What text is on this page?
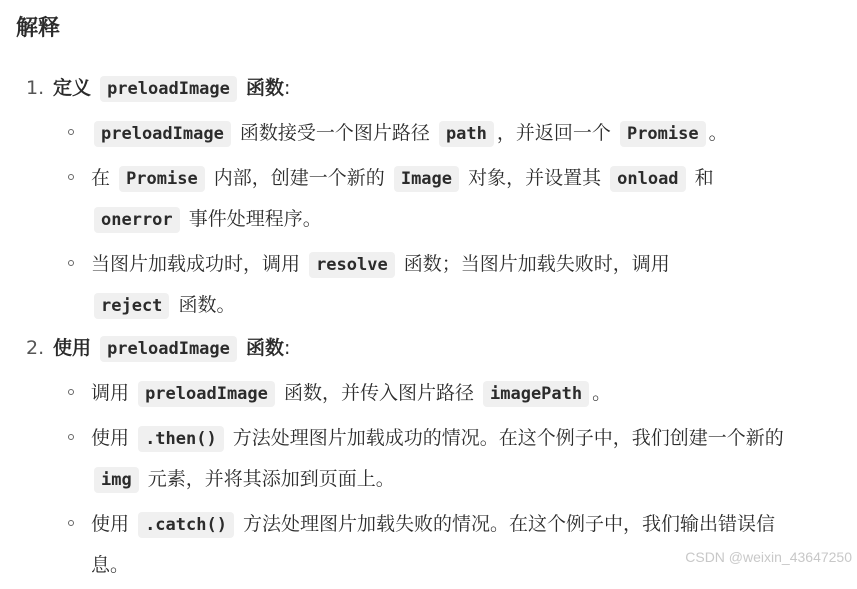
解释
1. 定义 preloadImage 函数:
preloadImage 函数接受一个图片路径 path ，并返回一个 Promise 。
在 Promise 内部，创建一个新的 Image 对象，并设置其 onload 和
onerror 事件处理程序。
当图片加载成功时，调用 resolve 函数；当图片加载失败时，调用
reject 函数。
2. 使用 preloadImage 函数:
调用 preloadImage 函数，并传入图片路径 imagePath 。
使用 .then() 方法处理图片加载成功的情况。在这个例子中，我们创建一个新的 img 元素，并将其添加到页面上。
使用 .catch() 方法处理图片加载失败的情况。在这个例子中，我们输出错误信息。	CSDN @weixin_43647250
